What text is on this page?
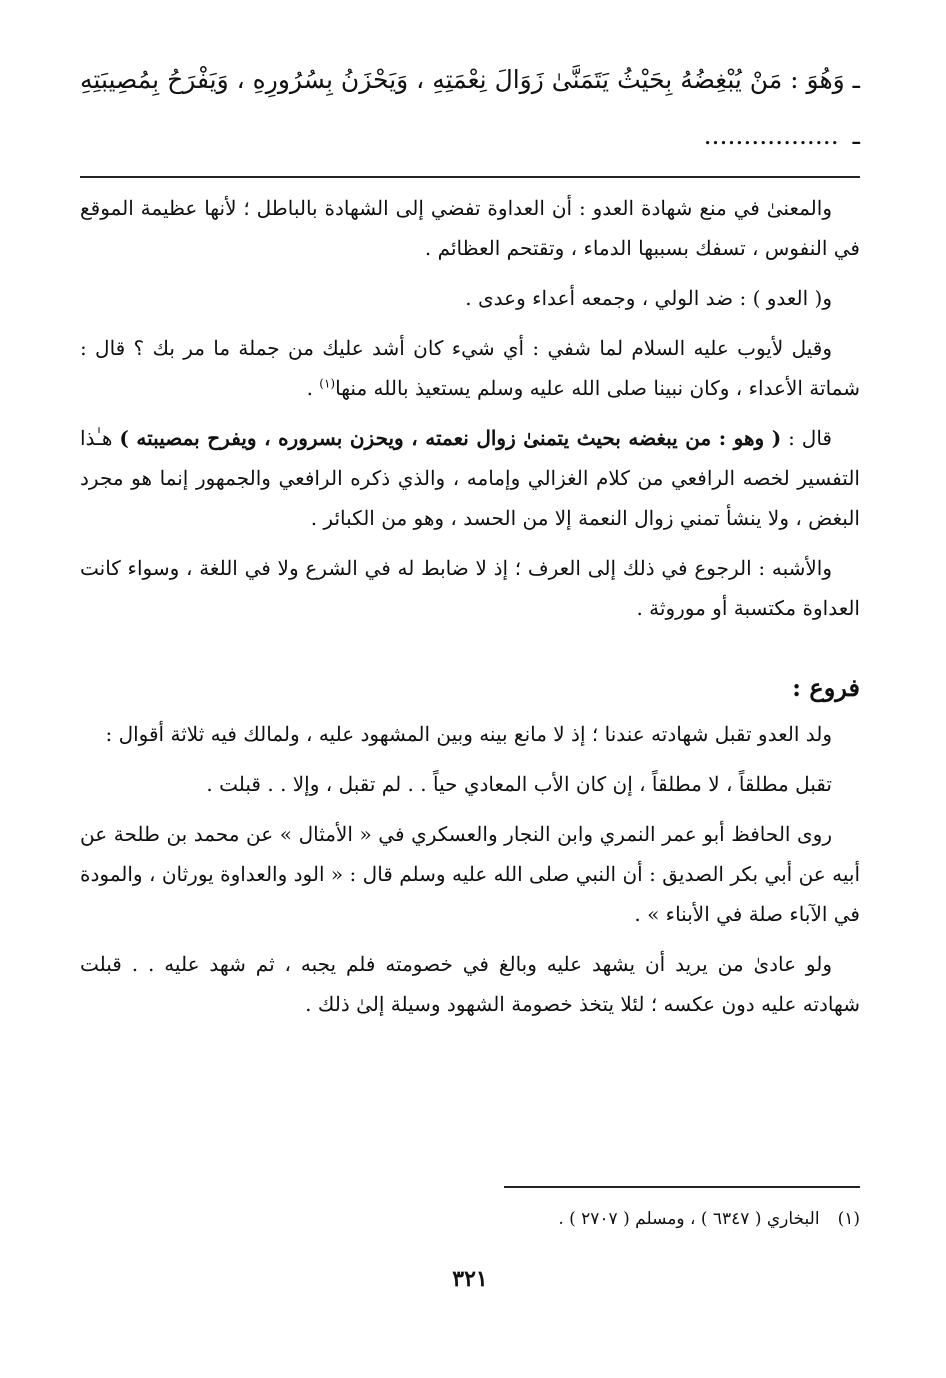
ـ وَهُوَ : مَنْ يُبْغِضُهُ بِحَيْثُ يَتَمَنَّىٰ زَوَالَ نِعْمَتِهِ ، وَيَحْزَنُ بِسُرُورِهِ ، وَيَفْرَحُ بِمُصِيبَتِهِ ـ .................

والمعنىٰ في منع شهادة العدو : أن العداوة تفضي إلى الشهادة بالباطل ؛ لأنها عظيمة الموقع في النفوس ، تسفك بسببها الدماء ، وتقتحم العظائم .

و( العدو ) : ضد الولي ، وجمعه أعداء وعدى .

وقيل لأيوب عليه السلام لما شفي : أي شيء كان أشد عليك من جملة ما مر بك ؟ قال : شماتة الأعداء ، وكان نبينا صلى الله عليه وسلم يستعيذ بالله منها$^{(١)}$ .

قال : ( وهو : من يبغضه بحيث يتمنىٰ زوال نعمته ، ويحزن بسروره ، ويفرح بمصيبته ) هـٰذا التفسير لخصه الرافعي من كلام الغزالي وإمامه ، والذي ذكره الرافعي والجمهور إنما هو مجرد البغض ، ولا ينشأ تمني زوال النعمة إلا من الحسد ، وهو من الكبائر .

والأشبه : الرجوع في ذلك إلى العرف ؛ إذ لا ضابط له في الشرع ولا في اللغة ، وسواء كانت العداوة مكتسبة أو موروثة .

فروع :

ولد العدو تقبل شهادته عندنا ؛ إذ لا مانع بينه وبين المشهود عليه ، ولمالك فيه ثلاثة أقوال :

تقبل مطلقاً ، لا مطلقاً ، إن كان الأب المعادي حياً . . لم تقبل ، وإلا . . قبلت .

روى الحافظ أبو عمر النمري وابن النجار والعسكري في « الأمثال » عن محمد بن طلحة عن أبيه عن أبي بكر الصديق : أن النبي صلى الله عليه وسلم قال : « الود والعداوة يورثان ، والمودة في الآباء صلة في الأبناء » .

ولو عادىٰ من يريد أن يشهد عليه وبالغ في خصومته فلم يجبه ، ثم شهد عليه . . قبلت شهادته عليه دون عكسه ؛ لئلا يتخذ خصومة الشهود وسيلة إلىٰ ذلك .

(١)البخاري ( ٦٣٤٧ ) ، ومسلم ( ٢٧٠٧ ) .
٣٢١
